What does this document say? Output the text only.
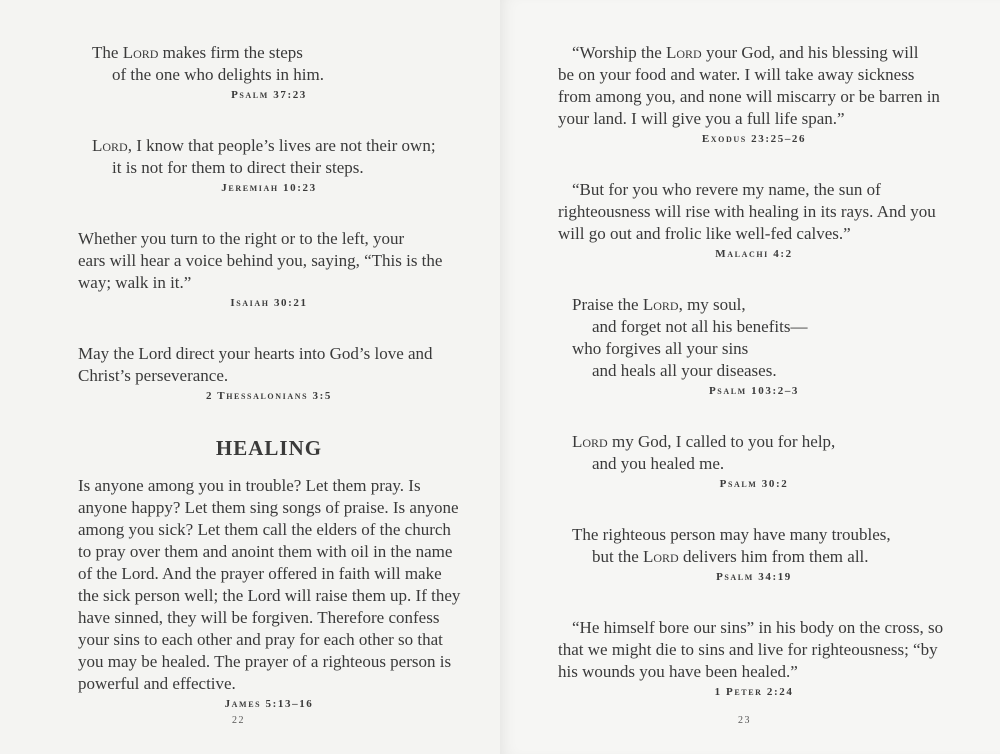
The Lord makes firm the steps

of the one who delights in him.

Psalm 37:23

Lord, I know that people’s lives are not their own;

it is not for them to direct their steps.

Jeremiah 10:23

Whether you turn to the right or to the left, your

ears will hear a voice behind you, saying, “This is the

way; walk in it.”

Isaiah 30:21

May the Lord direct your hearts into God’s love and

Christ’s perseverance.

2 Thessalonians 3:5
HEALING

Is anyone among you in trouble? Let them pray. Is

anyone happy? Let them sing songs of praise. Is anyone

among you sick? Let them call the elders of the church

to pray over them and anoint them with oil in the name

of the Lord. And the prayer offered in faith will make

the sick person well; the Lord will raise them up. If they

have sinned, they will be forgiven. Therefore confess

your sins to each other and pray for each other so that

you may be healed. The prayer of a righteous person is

powerful and effective.

James 5:13–16
22

“Worship the Lord your God, and his blessing will

be on your food and water. I will take away sickness

from among you, and none will miscarry or be barren in

your land. I will give you a full life span.”

Exodus 23:25–26

“But for you who revere my name, the sun of

righteousness will rise with healing in its rays. And you

will go out and frolic like well-fed calves.”

Malachi 4:2

Praise the Lord, my soul,

and forget not all his benefits—

who forgives all your sins

and heals all your diseases.

Psalm 103:2–3

Lord my God, I called to you for help,

and you healed me.

Psalm 30:2

The righteous person may have many troubles,

but the Lord delivers him from them all.

Psalm 34:19

“He himself bore our sins” in his body on the cross, so

that we might die to sins and live for righteousness; “by

his wounds you have been healed.”

1 Peter 2:24
23
